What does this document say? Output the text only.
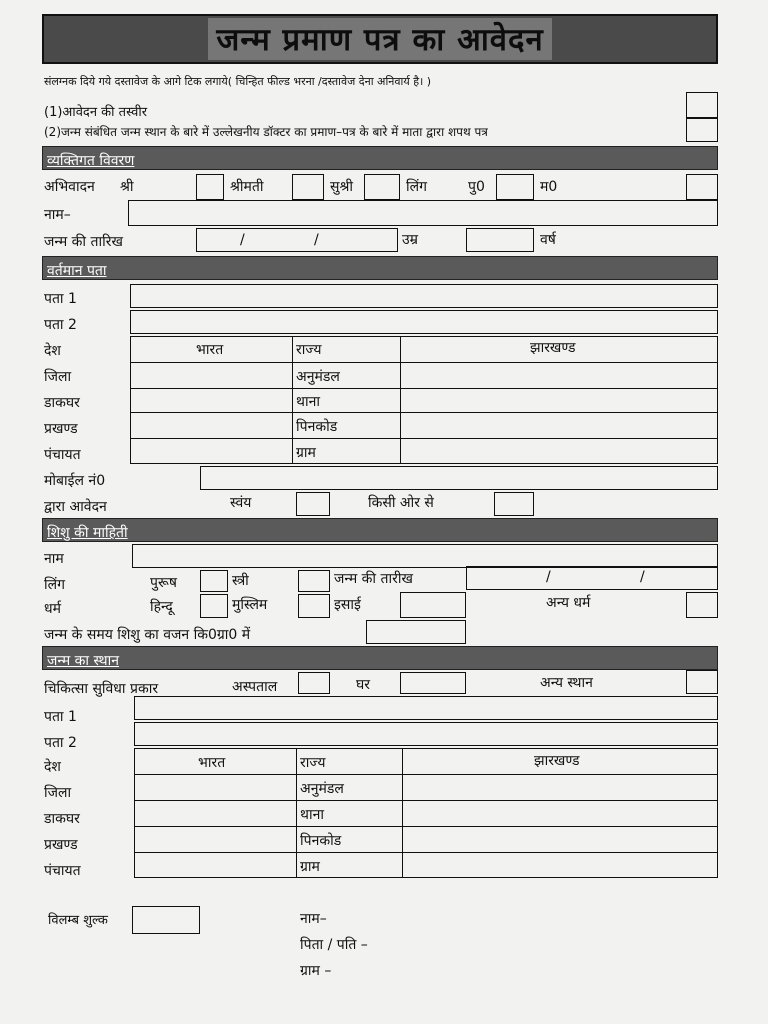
जन्म प्रमाण पत्र का आवेदन
संलग्नक दिये गये दस्तावेज के आगे टिक लगाये( चिन्हित फील्ड भरना /दस्तावेज देना अनिवार्य है। )
(1)आवेदन की तस्वीर
(2)जन्म संबंधित जन्म स्थान के बारे में उल्लेखनीय डॉक्टर का प्रमाण–पत्र के बारे में माता द्वारा शपथ पत्र
व्यक्तिगत विवरण
अभिवादन श्री	श्रीमती	सुश्री	लिंग	पु0	म0
नाम–
जन्म की तारिख	/	/	उम्र	वर्ष
वर्तमान पता
पता 1
पता 2
देश	भारत	राज्य	झारखण्ड
जिला	अनुमंडल
डाकघर	थाना
प्रखण्ड	पिनकोड
पंचायत	ग्राम
मोबाईल नं0
द्वारा आवेदन	स्वंय	किसी ओर से
शिशु की माहिती
नाम
लिंग	पुरूष	स्त्री	जन्म की तारीख	/	/
धर्म	हिन्दू	मुस्लिम	इसाई	अन्य धर्म
जन्म के समय शिशु का वजन कि0ग्रा0 में
जन्म का स्थान
चिकित्सा सुविधा प्रकार	अस्पताल	घर	अन्य स्थान
पता 1
पता 2
देश	भारत	राज्य	झारखण्ड
जिला	अनुमंडल
डाकघर	थाना
प्रखण्ड	पिनकोड
पंचायत	ग्राम
विलम्ब शुल्क	नाम–
पिता / पति –
ग्राम –
